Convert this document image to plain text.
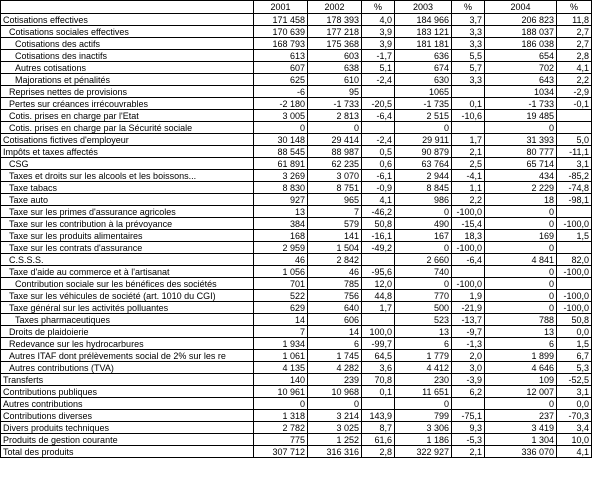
	2001	2002	%	2003	%	2004	%
Cotisations effectives	171 458	178 393	4,0	184 966	3,7	206 823	11,8
Cotisations sociales effectives	170 639	177 218	3,9	183 121	3,3	188 037	2,7
Cotisations des actifs	168 793	175 368	3,9	181 181	3,3	186 038	2,7
Cotisations des inactifs	613	603	-1,7	636	5,5	654	2,8
Autres cotisations	607	638	5,1	674	5,7	702	4,1
Majorations et pénalités	625	610	-2,4	630	3,3	643	2,2
Reprises nettes de provisions	-6	95		1065		1034	-2,9
Pertes sur créances irrécouvrables	-2 180	-1 733	-20,5	-1 735	0,1	-1 733	-0,1
Cotis. prises en charge par l'Etat	3 005	2 813	-6,4	2 515	-10,6	19 485	
Cotis. prises en charge par la Sécurité sociale	0	0		0		0	
Cotisations fictives d'employeur	30 148	29 414	-2,4	29 911	1,7	31 393	5,0
Impôts et taxes affectés	88 545	88 987	0,5	90 879	2,1	80 777	-11,1
CSG	61 891	62 235	0,6	63 764	2,5	65 714	3,1
Taxes et droits sur les alcools et les boissons...	3 269	3 070	-6,1	2 944	-4,1	434	-85,2
Taxe tabacs	8 830	8 751	-0,9	8 845	1,1	2 229	-74,8
Taxe auto	927	965	4,1	986	2,2	18	-98,1
Taxe sur les primes d'assurance agricoles	13	7	-46,2	0	-100,0	0	
Taxe sur les contribution à la prévoyance	384	579	50,8	490	-15,4	0	-100,0
Taxe sur les produits alimentaires	168	141	-16,1	167	18,3	169	1,5
Taxe sur les contrats d'assurance	2 959	1 504	-49,2	0	-100,0	0	
C.S.S.S.	46	2 842		2 660	-6,4	4 841	82,0
Taxe d'aide au commerce et à l'artisanat	1 056	46	-95,6	740		0	-100,0
Contribution sociale sur les bénéfices des sociétés	701	785	12,0	0	-100,0	0	
Taxe sur les véhicules de société (art. 1010 du CGI)	522	756	44,8	770	1,9	0	-100,0
Taxe général sur les activités polluantes	629	640	1,7	500	-21,9	0	-100,0
Taxes pharmaceutiques	14	606		523	-13,7	788	50,8
Droits de plaidoierie	7	14	100,0	13	-9,7	13	0,0
Redevance sur les hydrocarbures	1 934	6	-99,7	6	-1,3	6	1,5
Autres ITAF dont prélèvements social de 2% sur les re	1 061	1 745	64,5	1 779	2,0	1 899	6,7
Autres contributions (TVA)	4 135	4 282	3,6	4 412	3,0	4 646	5,3
Transferts	140	239	70,8	230	-3,9	109	-52,5
Contributions publiques	10 961	10 968	0,1	11 651	6,2	12 007	3,1
Autres contributions	0	0		0		0	0,0
Contributions diverses	1 318	3 214	143,9	799	-75,1	237	-70,3
Divers produits techniques	2 782	3 025	8,7	3 306	9,3	3 419	3,4
Produits de gestion courante	775	1 252	61,6	1 186	-5,3	1 304	10,0
Total des produits	307 712	316 316	2,8	322 927	2,1	336 070	4,1
